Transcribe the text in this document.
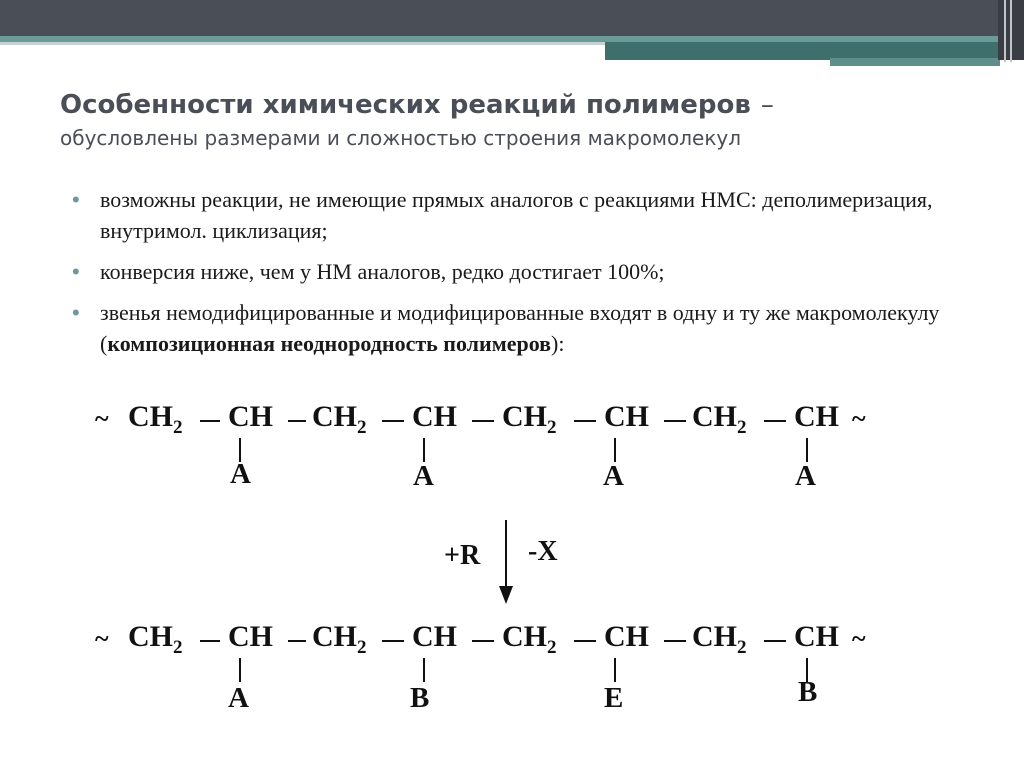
Особенности химических реакций полимеров –
обусловлены размерами и сложностью строения макромолекул
• возможны реакции, не имеющие прямых аналогов с реакциями НМС: деполимеризация, внутримол. циклизация;
• конверсия ниже, чем у НМ аналогов, редко достигает 100%;
• звенья немодифицированные и модифицированные входят в одну и ту же макромолекулу (композиционная неоднородность полимеров):
~ $CH_2$ CH $CH_2$ CH $CH_2$ CH $CH_2$ CH ~
A	A	A	A
+R -X
~ $CH_2$ CH $CH_2$ CH $CH_2$ CH $CH_2$ CH ~
A	B	E	B
